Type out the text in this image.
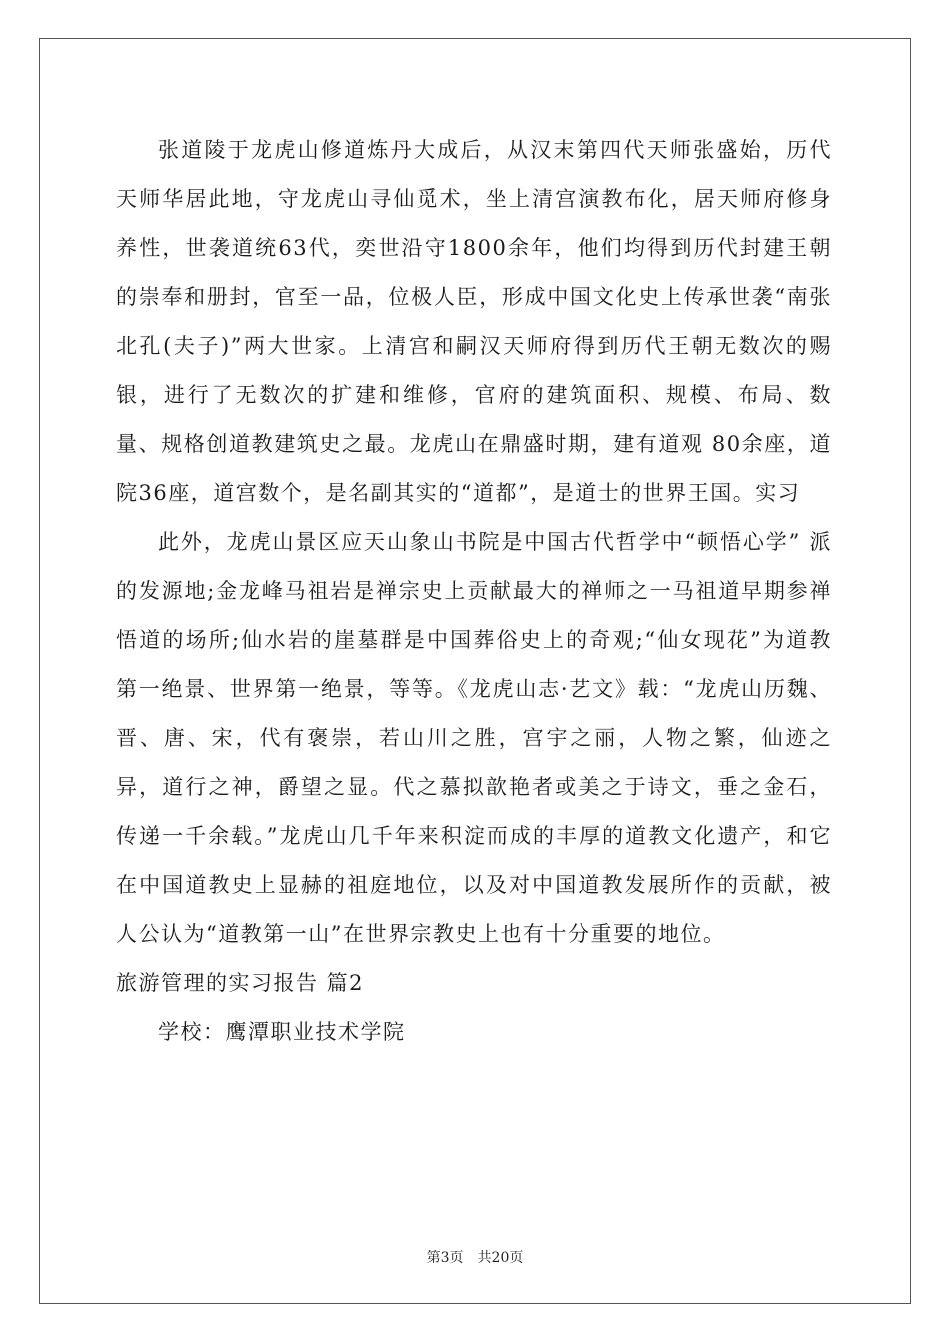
张道陵于龙虎山修道炼丹大成后，从汉末第四代天师张盛始，历代天师华居此地，守龙虎山寻仙觅术，坐上清宫演教布化，居天师府修身养性，世袭道统63代，奕世沿守1800余年，他们均得到历代封建王朝的崇奉和册封，官至一品，位极人臣，形成中国文化史上传承世袭“南张北孔(夫子)”两大世家。上清宫和嗣汉天师府得到历代王朝无数次的赐银，进行了无数次的扩建和维修，官府的建筑面积、规模、布局、数量、规格创道教建筑史之最。龙虎山在鼎盛时期，建有道观 80余座，道院36座，道宫数个，是名副其实的“道都”，是道士的世界王国。实习

此外，龙虎山景区应天山象山书院是中国古代哲学中“顿悟心学” 派的发源地;金龙峰马祖岩是禅宗史上贡献最大的禅师之一马祖道早期参禅悟道的场所;仙水岩的崖墓群是中国葬俗史上的奇观;“仙女现花”为道教第一绝景、世界第一绝景，等等。《龙虎山志·艺文》载：“龙虎山历魏、晋、唐、宋，代有褒崇，若山川之胜，宫宇之丽，人物之繁，仙迹之异，道行之神，爵望之显。代之慕拟歆艳者或美之于诗文，垂之金石，传递一千余载。”龙虎山几千年来积淀而成的丰厚的道教文化遗产，和它在中国道教史上显赫的祖庭地位，以及对中国道教发展所作的贡献，被人公认为“道教第一山”在世界宗教史上也有十分重要的地位。

旅游管理的实习报告 篇2

学校：鹰潭职业技术学院

第3页 共20页
